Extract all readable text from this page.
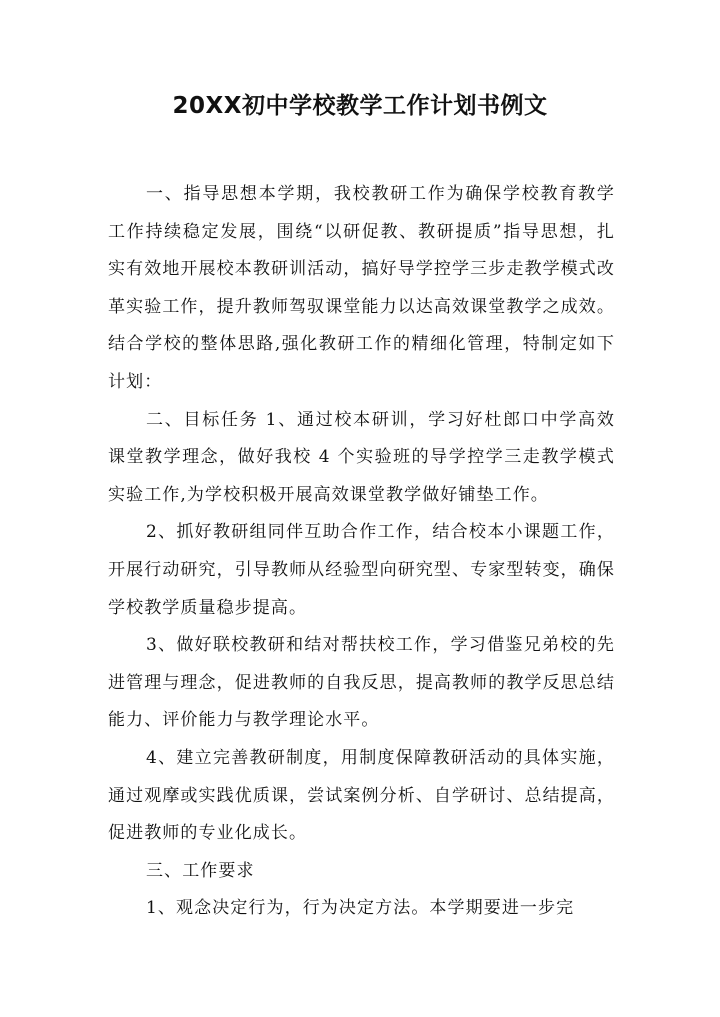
20XX初中学校教学工作计划书例文

一、指导思想本学期，我校教研工作为确保学校教育教学工作持续稳定发展，围绕“以研促教、教研提质”指导思想，扎实有效地开展校本教研训活动，搞好导学控学三步走教学模式改革实验工作，提升教师驾驭课堂能力以达高效课堂教学之成效。结合学校的整体思路,强化教研工作的精细化管理，特制定如下计划：

二、目标任务 1、通过校本研训，学习好杜郎口中学高效课堂教学理念，做好我校 4 个实验班的导学控学三走教学模式实验工作,为学校积极开展高效课堂教学做好铺垫工作。

2、抓好教研组同伴互助合作工作，结合校本小课题工作，开展行动研究，引导教师从经验型向研究型、专家型转变，确保学校教学质量稳步提高。

3、做好联校教研和结对帮扶校工作，学习借鉴兄弟校的先进管理与理念，促进教师的自我反思，提高教师的教学反思总结能力、评价能力与教学理论水平。

4、建立完善教研制度，用制度保障教研活动的具体实施，通过观摩或实践优质课，尝试案例分析、自学研讨、总结提高，促进教师的专业化成长。

三、工作要求

1、观念决定行为，行为决定方法。本学期要进一步完
